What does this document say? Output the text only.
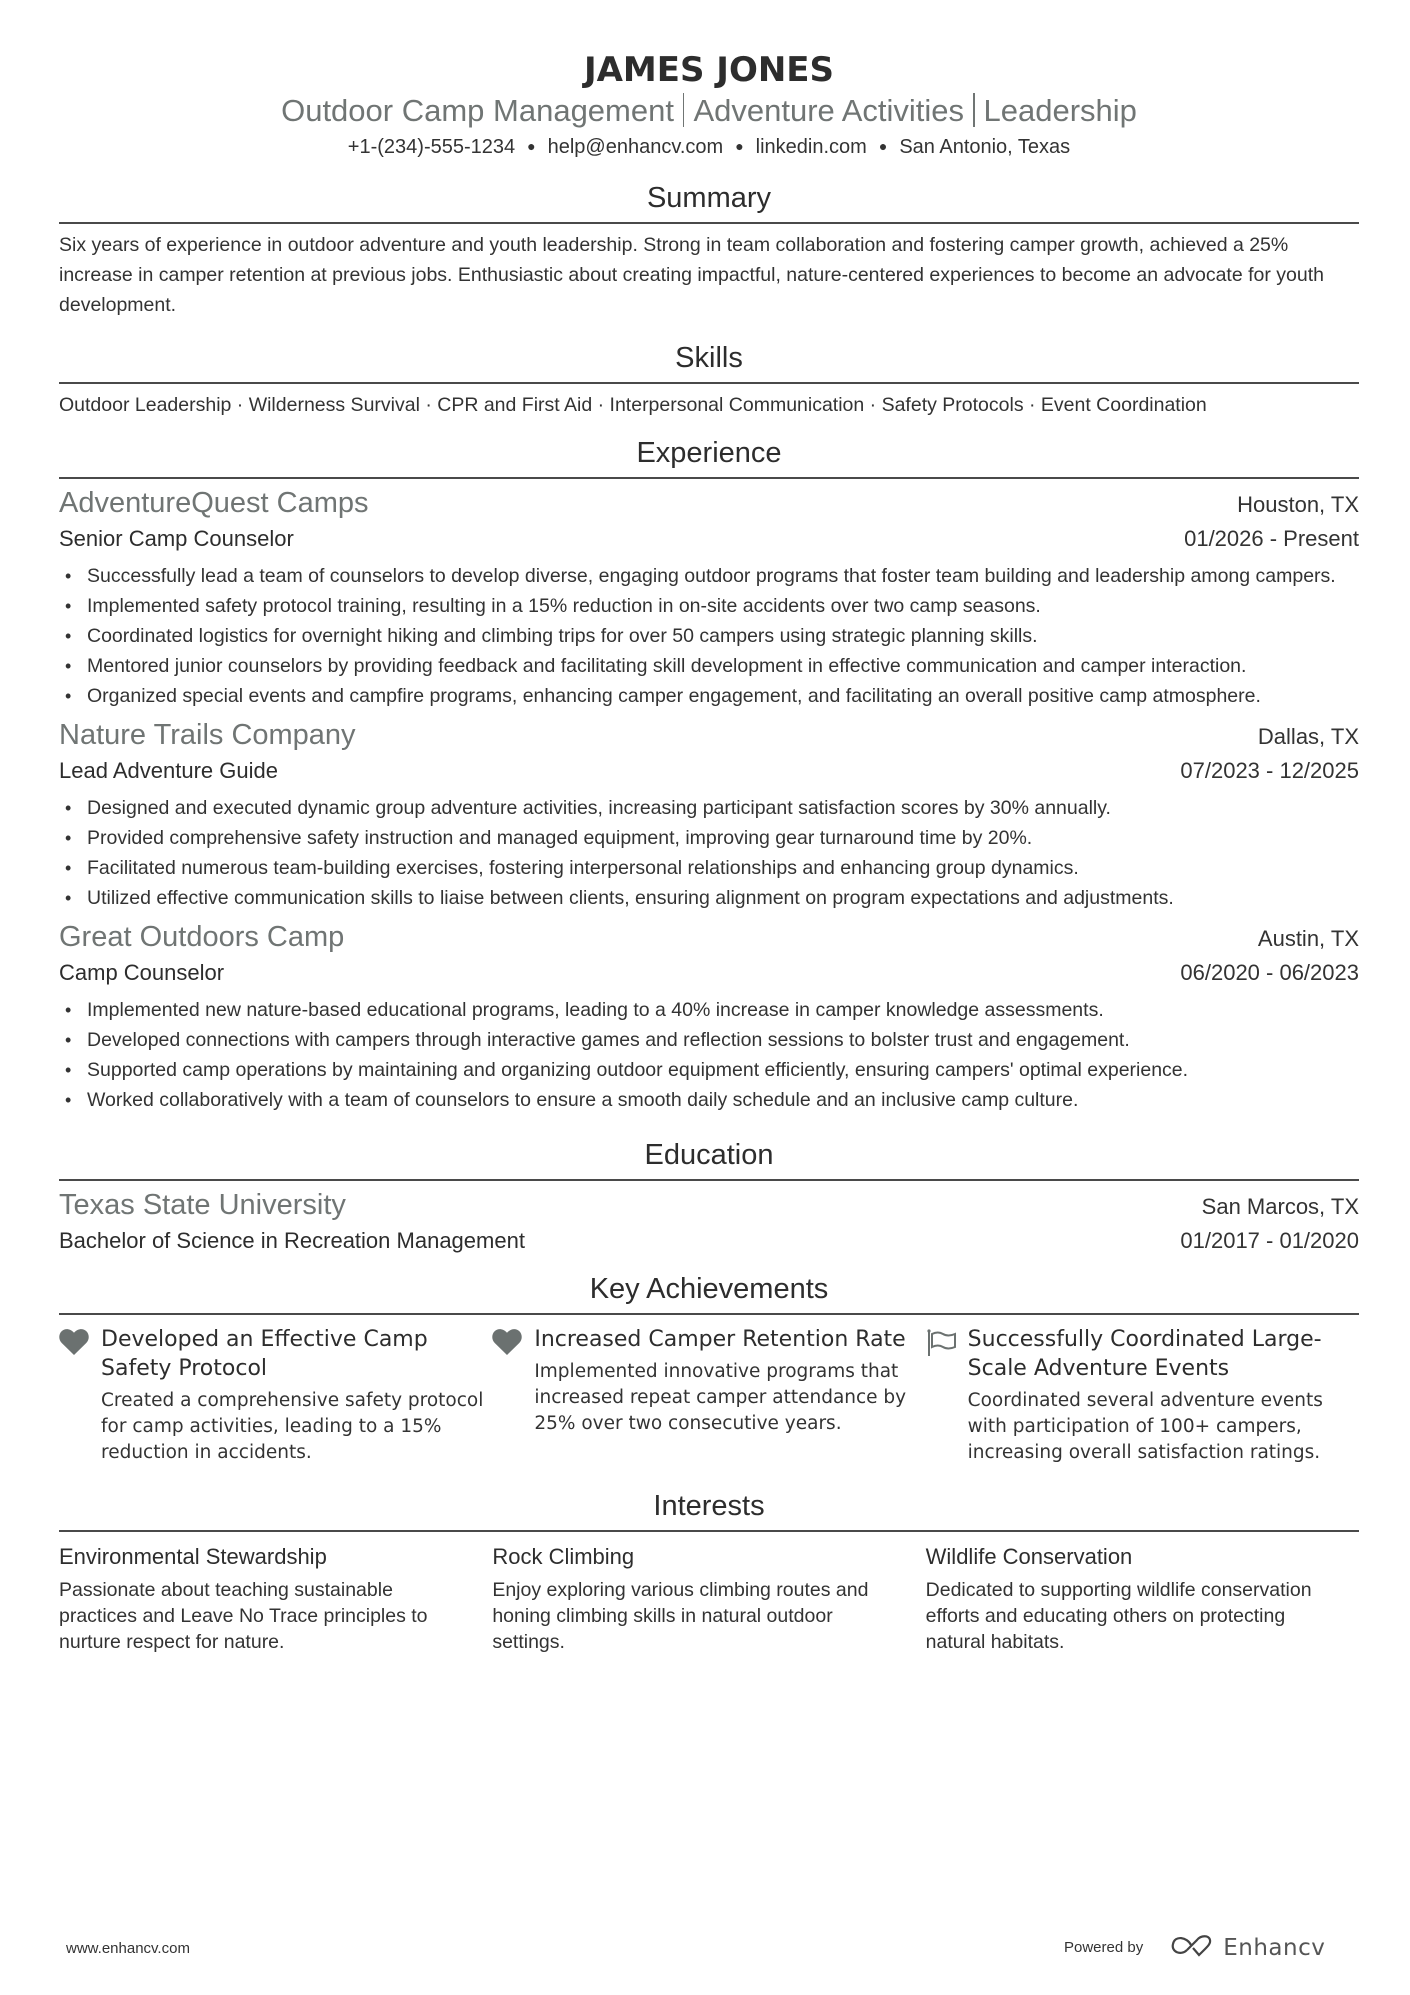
JAMES JONES
Outdoor Camp Management Adventure Activities Leadership
+1-(234)-555-1234 ● help@enhancv.com ● linkedin.com ● San Antonio, Texas
Summary
Six years of experience in outdoor adventure and youth leadership. Strong in team collaboration and fostering camper growth, achieved a 25% increase in camper retention at previous jobs. Enthusiastic about creating impactful, nature-centered experiences to become an advocate for youth development.
Skills
Outdoor Leadership · Wilderness Survival · CPR and First Aid · Interpersonal Communication · Safety Protocols · Event Coordination
Experience
AdventureQuest Camps	Houston, TX
Senior Camp Counselor	01/2026 - Present
• Successfully lead a team of counselors to develop diverse, engaging outdoor programs that foster team building and leadership among campers.
• Implemented safety protocol training, resulting in a 15% reduction in on-site accidents over two camp seasons.
• Coordinated logistics for overnight hiking and climbing trips for over 50 campers using strategic planning skills.
• Mentored junior counselors by providing feedback and facilitating skill development in effective communication and camper interaction.
• Organized special events and campfire programs, enhancing camper engagement, and facilitating an overall positive camp atmosphere.
Nature Trails Company	Dallas, TX
Lead Adventure Guide	07/2023 - 12/2025
• Designed and executed dynamic group adventure activities, increasing participant satisfaction scores by 30% annually.
• Provided comprehensive safety instruction and managed equipment, improving gear turnaround time by 20%.
• Facilitated numerous team-building exercises, fostering interpersonal relationships and enhancing group dynamics.
• Utilized effective communication skills to liaise between clients, ensuring alignment on program expectations and adjustments.
Great Outdoors Camp	Austin, TX
Camp Counselor	06/2020 - 06/2023
• Implemented new nature-based educational programs, leading to a 40% increase in camper knowledge assessments.
• Developed connections with campers through interactive games and reflection sessions to bolster trust and engagement.
• Supported camp operations by maintaining and organizing outdoor equipment efficiently, ensuring campers' optimal experience.
• Worked collaboratively with a team of counselors to ensure a smooth daily schedule and an inclusive camp culture.
Education
Texas State University	San Marcos, TX
Bachelor of Science in Recreation Management	01/2017 - 01/2020
Key Achievements
Developed an Effective Camp Safety Protocol
Created a comprehensive safety protocol for camp activities, leading to a 15% reduction in accidents.
Increased Camper Retention Rate
Implemented innovative programs that increased repeat camper attendance by 25% over two consecutive years.
Successfully Coordinated Large-Scale Adventure Events
Coordinated several adventure events with participation of 100+ campers, increasing overall satisfaction ratings.
Interests
Environmental Stewardship
Passionate about teaching sustainable practices and Leave No Trace principles to nurture respect for nature.
Rock Climbing
Enjoy exploring various climbing routes and honing climbing skills in natural outdoor settings.
Wildlife Conservation
Dedicated to supporting wildlife conservation efforts and educating others on protecting natural habitats.
www.enhancv.com	Powered by	Enhancv
